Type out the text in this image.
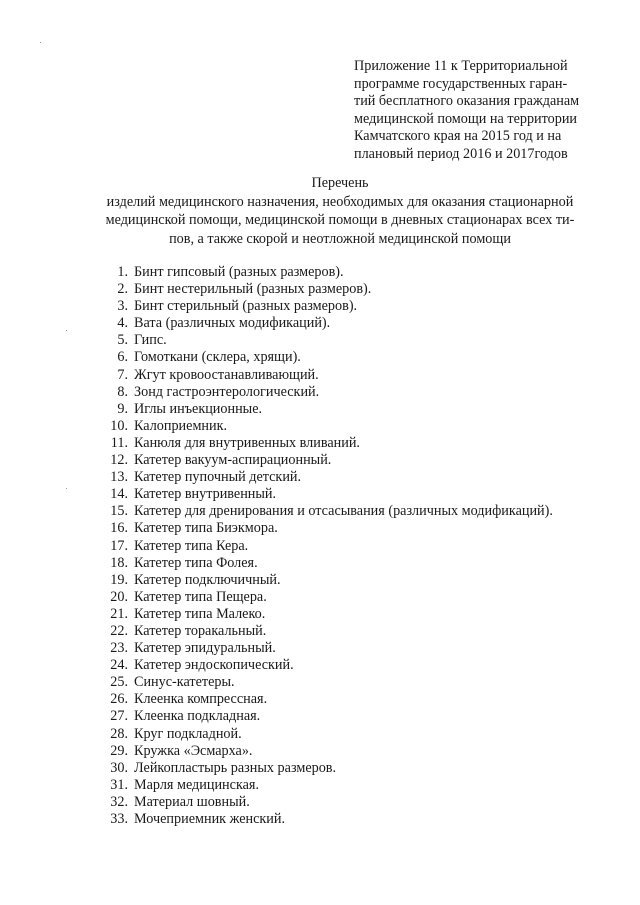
Приложение 11 к Территориальной
программе государственных гаран-
тий бесплатного оказания гражданам
медицинской помощи на территории
Камчатского края на 2015 год и на
плановый период 2016 и 2017годов
Перечень
изделий медицинского назначения, необходимых для оказания стационарной
медицинской помощи, медицинской помощи в дневных стационарах всех ти-
пов, а также скорой и неотложной медицинской помощи
1. Бинт гипсовый (разных размеров).
2. Бинт нестерильный (разных размеров).
3. Бинт стерильный (разных размеров).
4. Вата (различных модификаций).
5. Гипс.
6. Гомоткани (склера, хрящи).
7. Жгут кровоостанавливающий.
8. Зонд гастроэнтерологический.
9. Иглы инъекционные.
10. Калоприемник.
11. Канюля для внутривенных вливаний.
12. Катетер вакуум-аспирационный.
13. Катетер пупочный детский.
14. Катетер внутривенный.
15. Катетер для дренирования и отсасывания (различных модификаций).
16. Катетер типа Биэкмора.
17. Катетер типа Кера.
18. Катетер типа Фолея.
19. Катетер подключичный.
20. Катетер типа Пещера.
21. Катетер типа Малеко.
22. Катетер торакальный.
23. Катетер эпидуральный.
24. Катетер эндоскопический.
25. Синус-катетеры.
26. Клеенка компрессная.
27. Клеенка подкладная.
28. Круг подкладной.
29. Кружка «Эсмарха».
30. Лейкопластырь разных размеров.
31. Марля медицинская.
32. Материал шовный.
33. Мочеприемник женский.
